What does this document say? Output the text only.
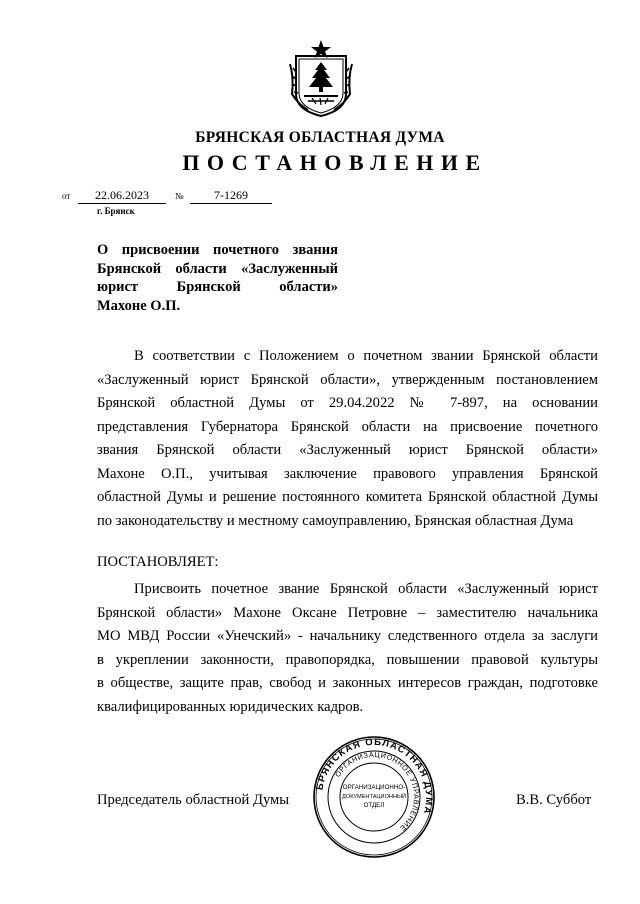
БРЯНСКАЯ ОБЛАСТНАЯ ДУМА
ПОСТАНОВЛЕНИЕ
от	22.06.2023	№	7-1269
г. Брянск
О присвоении почетного звания
Брянской области «Заслуженный
юрист Брянской области»
Махоне О.П.
В соответствии с Положением о почетном звании Брянской области
«Заслуженный юрист Брянской области», утвержденным постановлением
Брянской областной Думы от 29.04.2022 № 7-897, на основании
представления Губернатора Брянской области на присвоение почетного
звания Брянской области «Заслуженный юрист Брянской области»
Махоне О.П., учитывая заключение правового управления Брянской
областной Думы и решение постоянного комитета Брянской областной Думы
по законодательству и местному самоуправлению, Брянская областная Дума
ПОСТАНОВЛЯЕТ:
Присвоить почетное звание Брянской области «Заслуженный юрист
Брянской области» Махоне Оксане Петровне – заместителю начальника
МО МВД России «Унечский» - начальнику следственного отдела за заслуги
в укреплении законности, правопорядка, повышении правовой культуры
в обществе, защите прав, свобод и законных интересов граждан, подготовке
квалифицированных юридических кадров.
Председатель областной Думы	В.В. Суббот
БРЯНСКАЯ ОБЛАСТНАЯ ДУМА
ОРГАНИЗАЦИОННОЕ УПРАВЛЕНИЕ
ОРГАНИЗАЦИОННО-
ДОКУМЕНТАЦИОННЫЙ
ОТДЕЛ
